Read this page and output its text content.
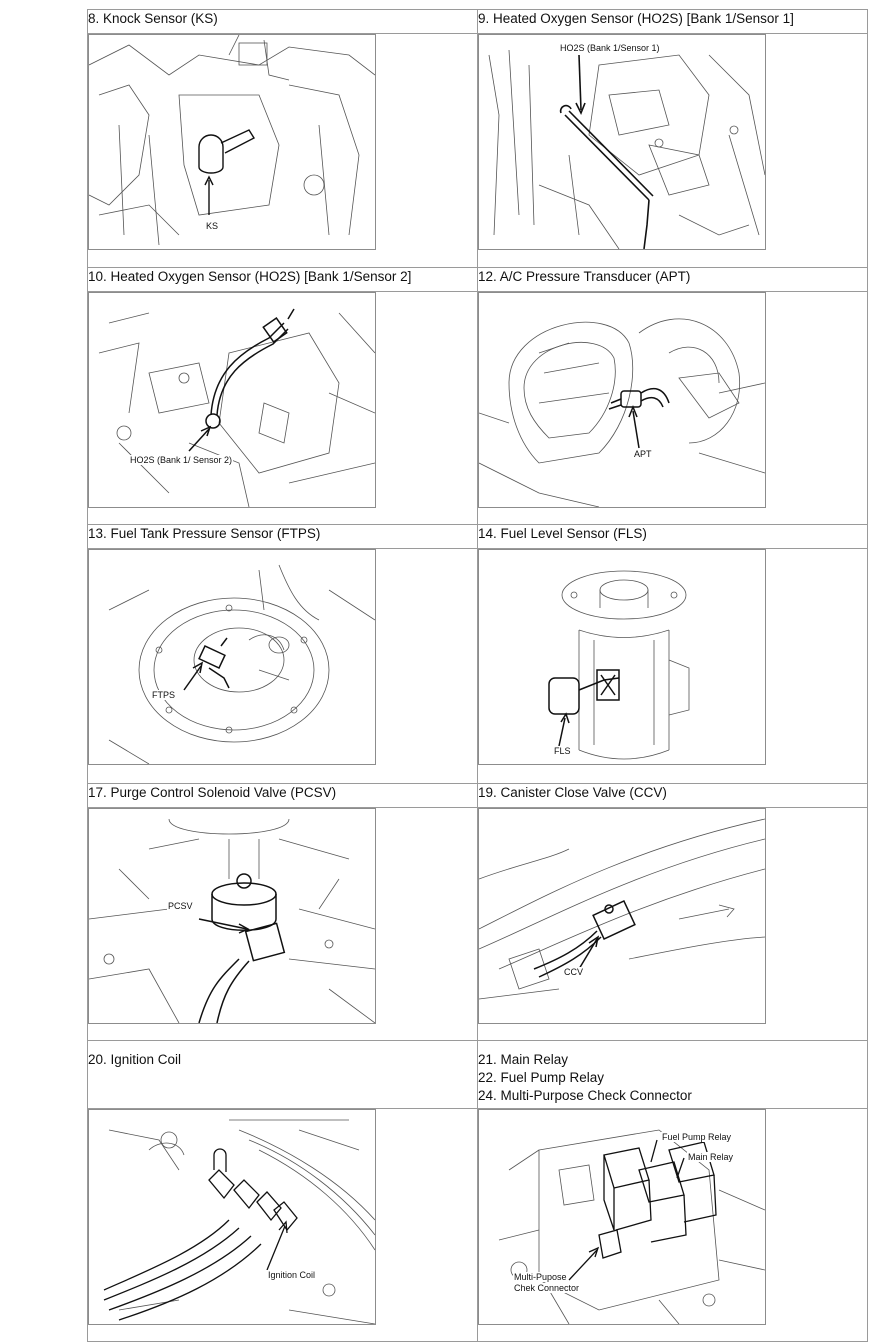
8. Knock Sensor (KS)	9. Heated Oxygen Sensor (HO2S) [Bank 1/Sensor 1]

KS	HO2S (Bank 1/Sensor 1)

10. Heated Oxygen Sensor (HO2S) [Bank 1/Sensor 2]	12. A/C Pressure Transducer (APT)

HO2S (Bank 1/ Sensor 2)	APT

13. Fuel Tank Pressure Sensor (FTPS)	14. Fuel Level Sensor (FLS)

FTPS	FLS

17. Purge Control Solenoid Valve (PCSV)	19. Canister Close Valve (CCV)

PCSV	CCV

20. Ignition Coil	21. Main Relay
22. Fuel Pump Relay
24. Multi-Purpose Check Connector

Ignition Coil	Fuel Pump Relay
Main Relay
Multi-Pupose
Chek Connector
